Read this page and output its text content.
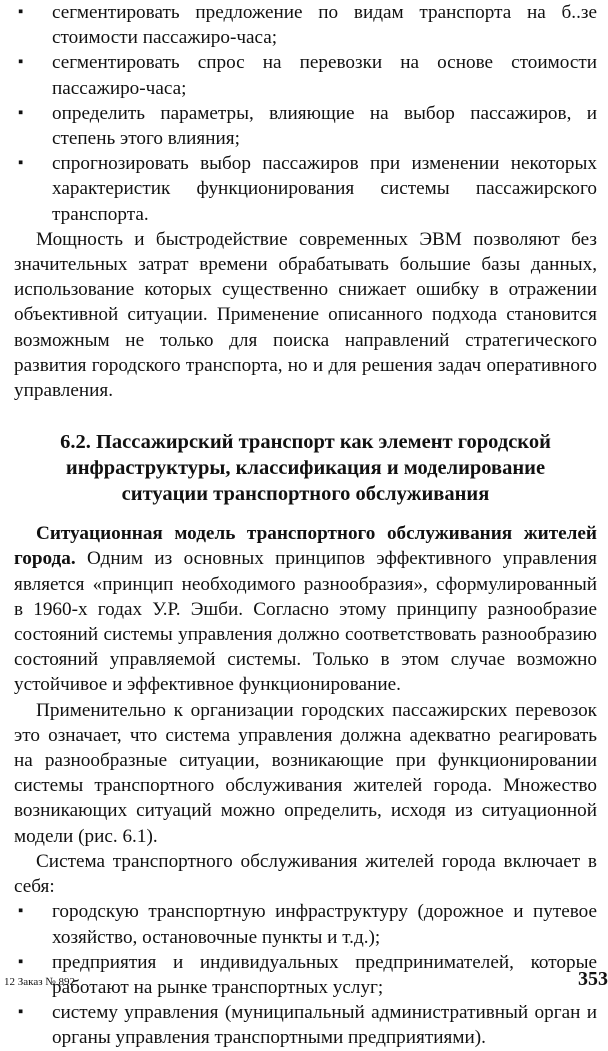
▪	сегментировать предложение по видам транспорта на б..зе стоимости пассажиро-часа;
▪	сегментировать спрос на перевозки на основе стоимости пассажиро-часа;
▪	определить параметры, влияющие на выбор пассажиров, и степень этого влияния;
▪	спрогнозировать выбор пассажиров при изменении некоторых характеристик функционирования системы пассажирского транспорта.

Мощность и быстродействие современных ЭВМ позволяют без значительных затрат времени обрабатывать большие базы данных, использование которых существенно снижает ошибку в отражении объективной ситуации. Применение описанного подхода становится возможным не только для поиска направлений стратегического развития городского транспорта, но и для решения задач оперативного управления.

6.2. Пассажирский транспорт как элемент городской инфраструктуры, классификация и моделирование ситуации транспортного обслуживания

Ситуационная модель транспортного обслуживания жителей города. Одним из основных принципов эффективного управления является «принцип необходимого разнообразия», сформулированный в 1960-х годах У.Р. Эшби. Согласно этому принципу разнообразие состояний системы управления должно соответствовать разнообразию состояний управляемой системы. Только в этом случае возможно устойчивое и эффективное функционирование.

Применительно к организации городских пассажирских перевозок это означает, что система управления должна адекватно реагировать на разнообразные ситуации, возникающие при функционировании системы транспортного обслуживания жителей города. Множество возникающих ситуаций можно определить, исходя из ситуационной модели (рис. 6.1).

Система транспортного обслуживания жителей города включает в себя:

▪	городскую транспортную инфраструктуру (дорожное и путевое хозяйство, остановочные пункты и т.д.);
▪	предприятия и индивидуальных предпринимателей, которые работают на рынке транспортных услуг;
▪	систему управления (муниципальный административный орган и органы управления транспортными предприятиями).
12 Заказ № 892	353
